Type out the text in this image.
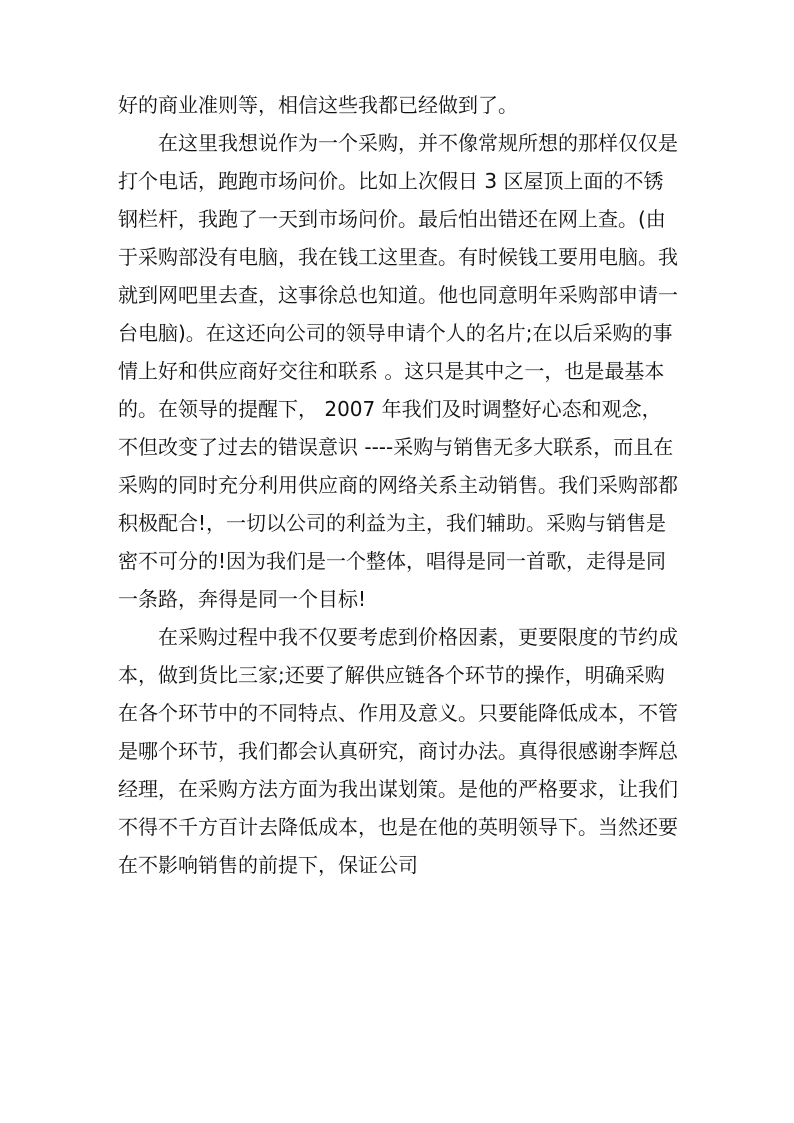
好的商业准则等，相信这些我都已经做到了。

在这里我想说作为一个采购，并不像常规所想的那样仅仅是打个电话，跑跑市场问价。比如上次假日 3 区屋顶上面的不锈钢栏杆，我跑了一天到市场问价。最后怕出错还在网上查。(由于采购部没有电脑，我在钱工这里查。有时候钱工要用电脑。我就到网吧里去查，这事徐总也知道。他也同意明年采购部申请一台电脑)。在这还向公司的领导申请个人的名片;在以后采购的事情上好和供应商好交往和联系 。这只是其中之一，也是最基本的。在领导的提醒下， 2007 年我们及时调整好心态和观念，不但改变了过去的错误意识 ----采购与销售无多大联系，而且在采购的同时充分利用供应商的网络关系主动销售。我们采购部都积极配合!，一切以公司的利益为主，我们辅助。采购与销售是密不可分的!因为我们是一个整体，唱得是同一首歌，走得是同一条路，奔得是同一个目标!

在采购过程中我不仅要考虑到价格因素，更要限度的节约成本，做到货比三家;还要了解供应链各个环节的操作，明确采购在各个环节中的不同特点、作用及意义。只要能降低成本，不管是哪个环节，我们都会认真研究，商讨办法。真得很感谢李辉总经理，在采购方法方面为我出谋划策。是他的严格要求，让我们不得不千方百计去降低成本，也是在他的英明领导下。当然还要在不影响销售的前提下，保证公司
